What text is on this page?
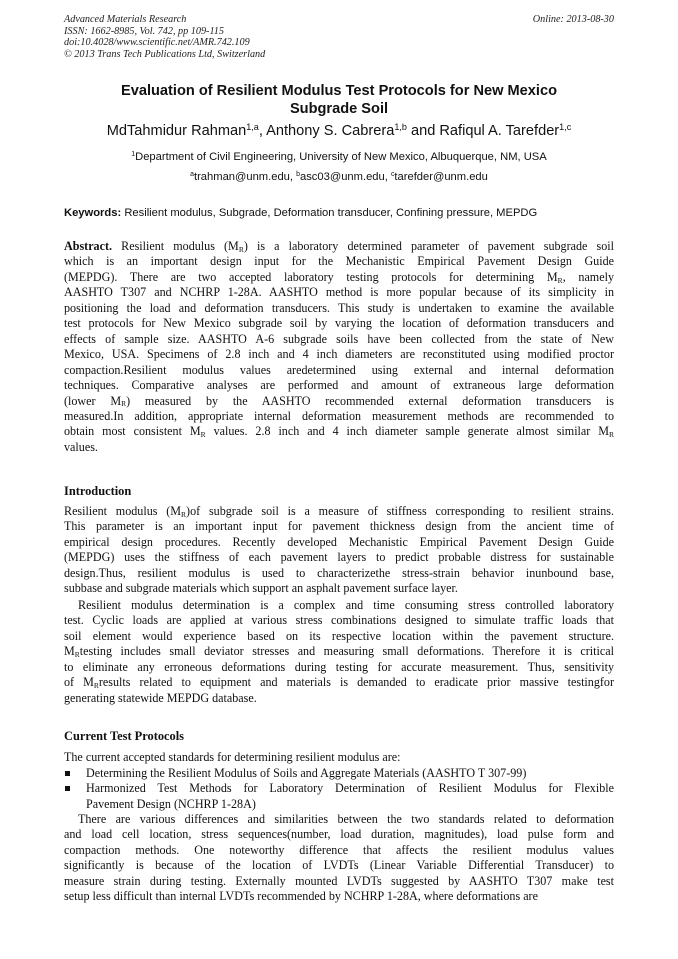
Advanced Materials Research
ISSN: 1662-8985, Vol. 742, pp 109-115
doi:10.4028/www.scientific.net/AMR.742.109
© 2013 Trans Tech Publications Ltd, Switzerland
Online: 2013-08-30
Evaluation of Resilient Modulus Test Protocols for New Mexico
Subgrade Soil
MdTahmidur Rahman$^{1,a}$, Anthony S. Cabrera$^{1,b}$ and Rafiqul A. Tarefder$^{1,c}$
$^1$Department of Civil Engineering, University of New Mexico, Albuquerque, NM, USA
$^a$trahman@unm.edu, $^b$asc03@unm.edu, $^c$tarefder@unm.edu
Keywords: Resilient modulus, Subgrade, Deformation transducer, Confining pressure, MEPDG
Abstract. Resilient modulus $(M_R)$ is a laboratory determined parameter of pavement subgrade soil
which is an important design input for the Mechanistic Empirical Pavement Design Guide
(MEPDG). There are two accepted laboratory testing protocols for determining $M_R$, namely
AASHTO T307 and NCHRP 1-28A. AASHTO method is more popular because of its simplicity in
positioning the load and deformation transducers. This study is undertaken to examine the available
test protocols for New Mexico subgrade soil by varying the location of deformation transducers and
effects of sample size. AASHTO A-6 subgrade soils have been collected from the state of New
Mexico, USA. Specimens of 2.8 inch and 4 inch diameters are reconstituted using modified proctor
compaction.Resilient modulus values aredetermined using external and internal deformation
techniques. Comparative analyses are performed and amount of extraneous large deformation
(lower $M_R$) measured by the AASHTO recommended external deformation transducers is
measured.In addition, appropriate internal deformation measurement methods are recommended to
obtain most consistent $M_R$ values. 2.8 inch and 4 inch diameter sample generate almost similar $M_R$
values.
Introduction
Resilient modulus $(M_R)of$ subgrade soil is a measure of stiffness corresponding to resilient strains.
This parameter is an important input for pavement thickness design from the ancient time of
empirical design procedures. Recently developed Mechanistic Empirical Pavement Design Guide
(MEPDG) uses the stiffness of each pavement layers to predict probable distress for sustainable
design.Thus, resilient modulus is used to characterizethe stress-strain behavior inunbound base,
subbase and subgrade materials which support an asphalt pavement surface layer.
Resilient modulus determination is a complex and time consuming stress controlled laboratory
test. Cyclic loads are applied at various stress combinations designed to simulate traffic loads that
soil element would experience based on its respective location within the pavement structure.
$M_Rtesting$ includes small deviator stresses and measuring small deformations. Therefore it is critical
to eliminate any erroneous deformations during testing for accurate measurement. Thus, sensitivity
of $M_Rresults$ related to equipment and materials is demanded to eradicate prior massive testingfor
generating statewide MEPDG database.
Current Test Protocols
The current accepted standards for determining resilient modulus are:
Determining the Resilient Modulus of Soils and Aggregate Materials (AASHTO T 307-99)
Harmonized Test Methods for Laboratory Determination of Resilient Modulus for Flexible
Pavement Design (NCHRP 1-28A)
There are various differences and similarities between the two standards related to deformation
and load cell location, stress sequences(number, load duration, magnitudes), load pulse form and
compaction methods. One noteworthy difference that affects the resilient modulus values
significantly is because of the location of LVDTs (Linear Variable Differential Transducer) to
measure strain during testing. Externally mounted LVDTs suggested by AASHTO T307 make test
setup less difficult than internal LVDTs recommended by NCHRP 1-28A, where deformations are
